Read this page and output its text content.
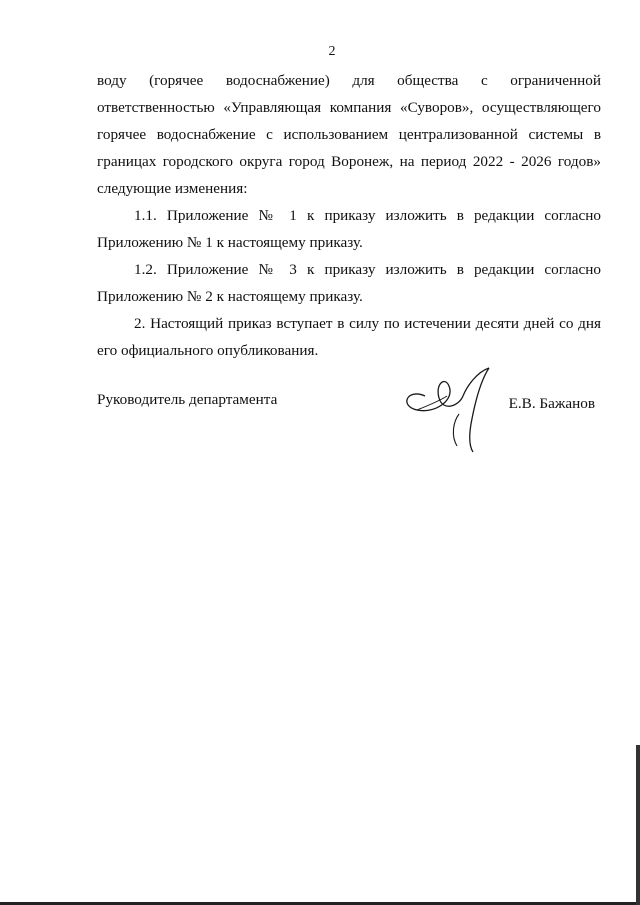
2

воду (горячее водоснабжение) для общества с ограниченной ответственностью «Управляющая компания «Суворов», осуществляющего горячее водоснабжение с использованием централизованной системы в границах городского округа город Воронеж, на период 2022 - 2026 годов» следующие изменения:

1.1. Приложение № 1 к приказу изложить в редакции согласно Приложению № 1 к настоящему приказу.

1.2. Приложение № 3 к приказу изложить в редакции согласно Приложению № 2 к настоящему приказу.

2. Настоящий приказ вступает в силу по истечении десяти дней со дня его официального опубликования.

Руководитель департамента	Е.В. Бажанов
